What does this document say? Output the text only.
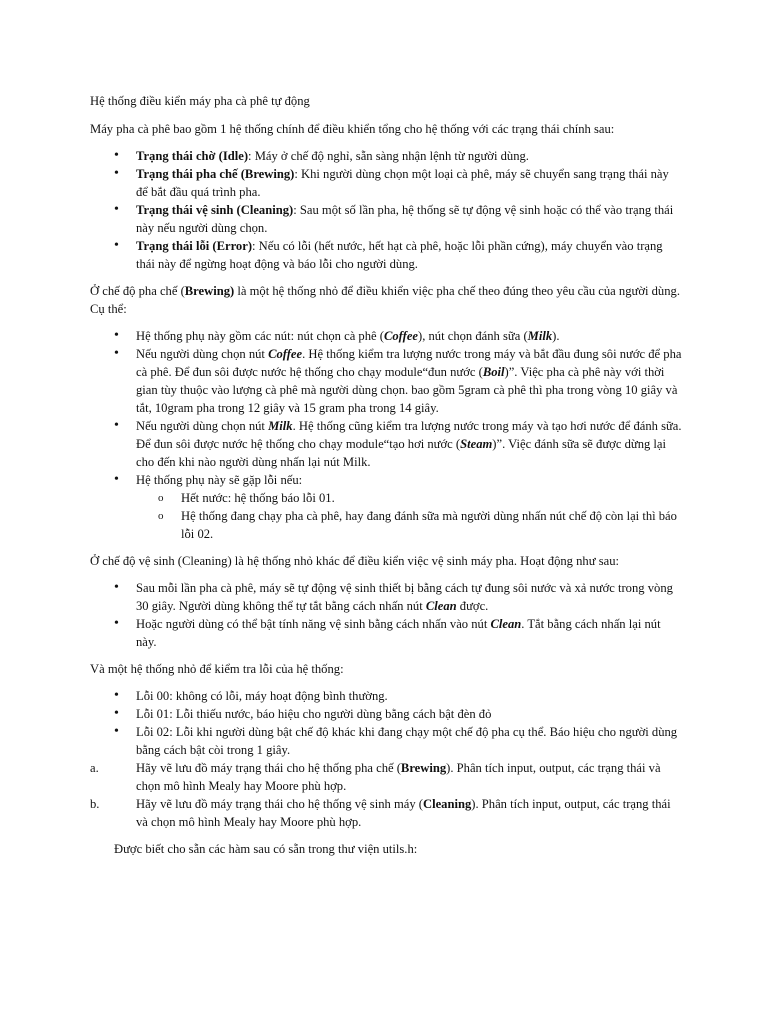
Hệ thống điều kiển máy pha cà phê tự động

Máy pha cà phê bao gồm 1 hệ thống chính để điều khiển tổng cho hệ thống với các trạng thái chính sau:

• Trạng thái chờ (Idle): Máy ở chế độ nghỉ, sẵn sàng nhận lệnh từ người dùng.
• Trạng thái pha chế (Brewing): Khi người dùng chọn một loại cà phê, máy sẽ chuyển sang trạng thái này để bắt đầu quá trình pha.
• Trạng thái vệ sinh (Cleaning): Sau một số lần pha, hệ thống sẽ tự động vệ sinh hoặc có thể vào trạng thái này nếu người dùng chọn.
• Trạng thái lỗi (Error): Nếu có lỗi (hết nước, hết hạt cà phê, hoặc lỗi phần cứng), máy chuyển vào trạng thái này để ngừng hoạt động và báo lỗi cho người dùng.

Ở chế độ pha chế (Brewing) là một hệ thống nhỏ để điều khiển việc pha chế theo đúng theo yêu cầu của người dùng. Cụ thể:

• Hệ thống phụ này gồm các nút: nút chọn cà phê (Coffee), nút chọn đánh sữa (Milk).
• Nếu người dùng chọn nút Coffee. Hệ thống kiểm tra lượng nước trong máy và bắt đầu đung sôi nước để pha cà phê. Để đun sôi được nước hệ thống cho chạy module“đun nước (Boil)”. Việc pha cà phê này với thời gian tùy thuộc vào lượng cà phê mà người dùng chọn. bao gồm 5gram cà phê thì pha trong vòng 10 giây và tắt, 10gram pha trong 12 giây và 15 gram pha trong 14 giây.
• Nếu người dùng chọn nút Milk. Hệ thống cũng kiểm tra lượng nước trong máy và tạo hơi nước để đánh sữa. Để đun sôi được nước hệ thống cho chạy module“tạo hơi nước (Steam)”. Việc đánh sữa sẽ được dừng lại cho đến khi nào người dùng nhấn lại nút Milk.
• Hệ thống phụ này sẽ gặp lỗi nếu:
o Hết nước: hệ thống báo lỗi 01.
o Hệ thống đang chạy pha cà phê, hay đang đánh sữa mà người dùng nhấn nút chế độ còn lại thì báo lỗi 02.

Ở chế độ vệ sinh (Cleaning) là hệ thống nhỏ khác để điều kiển việc vệ sinh máy pha. Hoạt động như sau:

• Sau mỗi lần pha cà phê, máy sẽ tự động vệ sinh thiết bị bằng cách tự đung sôi nước và xả nước trong vòng 30 giây. Người dùng không thể tự tắt bằng cách nhấn nút Clean được.
• Hoặc người dùng có thể bật tính năng vệ sinh bằng cách nhấn vào nút Clean. Tắt bằng cách nhấn lại nút này.

Và một hệ thống nhỏ để kiểm tra lỗi của hệ thống:

• Lỗi 00: không có lỗi, máy hoạt động bình thường.
• Lỗi 01: Lỗi thiếu nước, báo hiệu cho người dùng bằng cách bật đèn đỏ
• Lỗi 02: Lỗi khi người dùng bật chế độ khác khi đang chạy một chế độ pha cụ thể. Báo hiệu cho người dùng bằng cách bật còi trong 1 giây.
a.	Hãy vẽ lưu đồ máy trạng thái cho hệ thống pha chế (Brewing). Phân tích input, output, các trạng thái và chọn mô hình Mealy hay Moore phù hợp.
b.	Hãy vẽ lưu đồ máy trạng thái cho hệ thống vệ sinh máy (Cleaning). Phân tích input, output, các trạng thái và chọn mô hình Mealy hay Moore phù hợp.

Được biết cho sẵn các hàm sau có sẵn trong thư viện utils.h:
